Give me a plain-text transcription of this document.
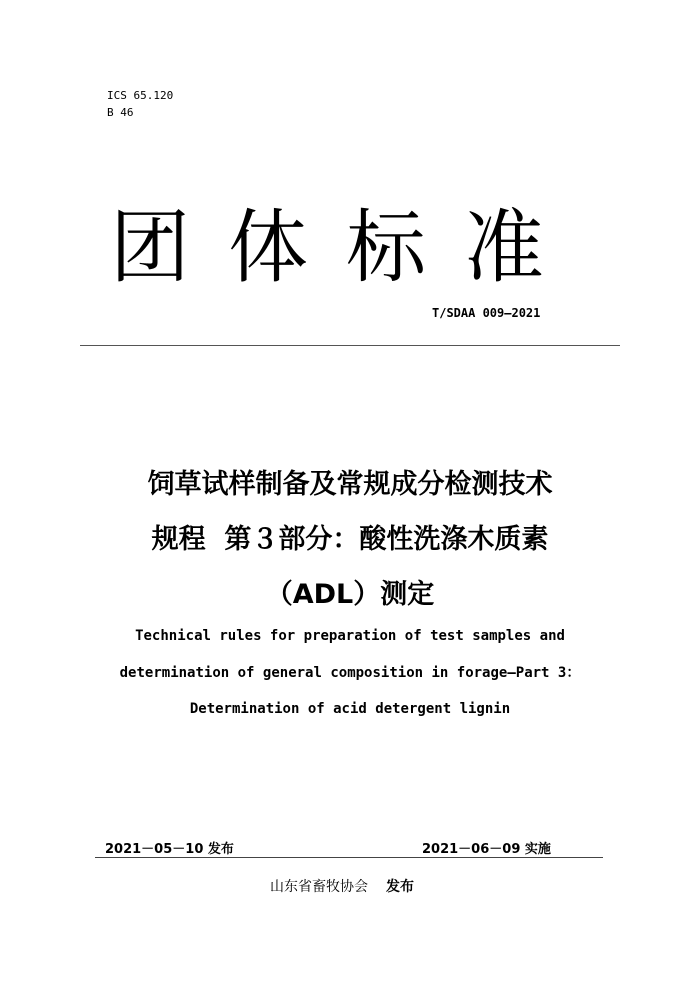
ICS 65.120
B 46
团体标准
T/SDAA 009—2021
饲草试样制备及常规成分检测技术
规程  第３部分：酸性洗涤木质素
（ADL）测定
Technical rules for preparation of test samples and
determination of general composition in forage—Part 3：
Determination of acid detergent lignin
2021－05－10 发布	2021－06－09 实施
山东省畜牧协会 发布
